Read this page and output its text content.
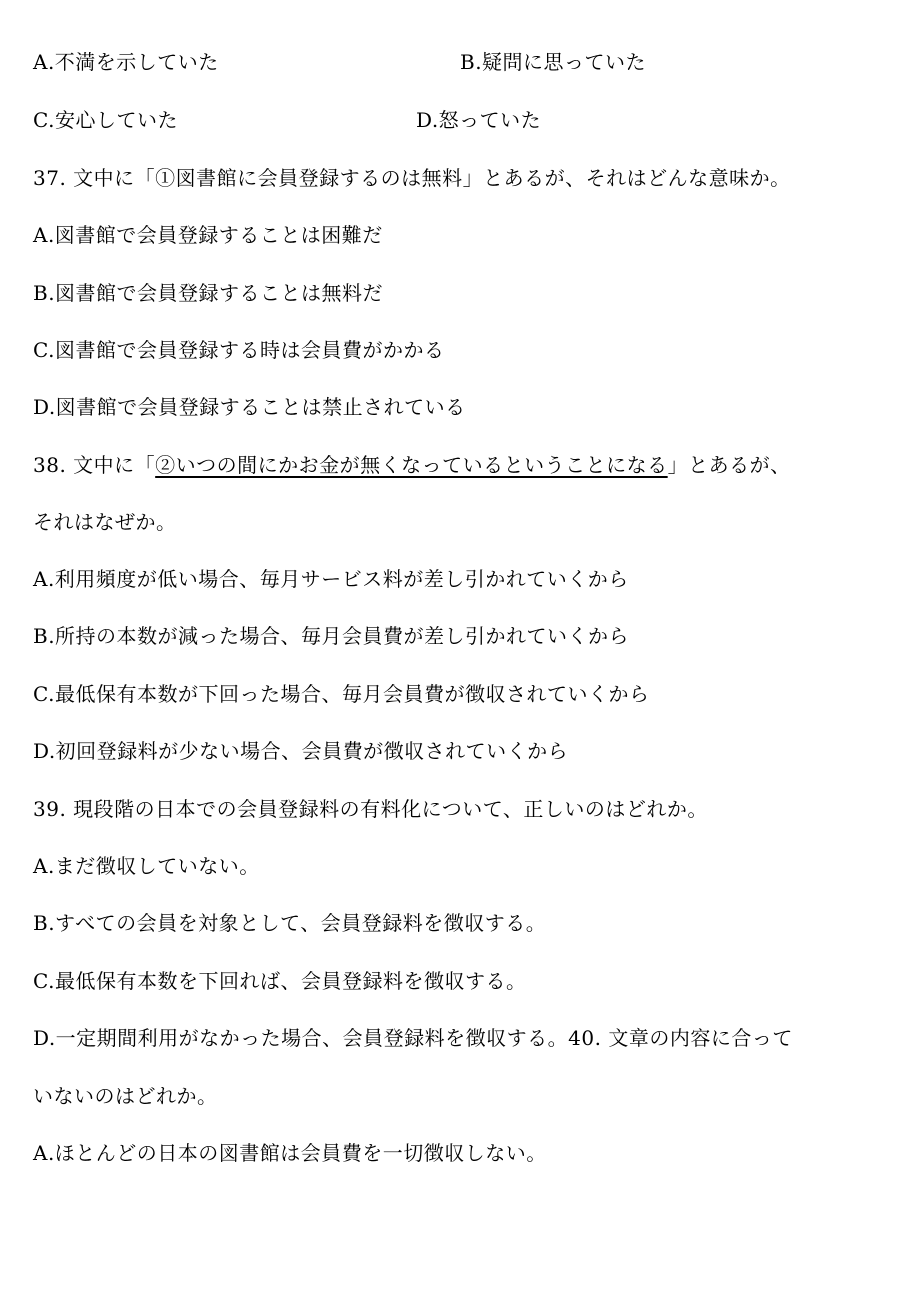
A.不満を示していた	B.疑問に思っていた
C.安心していた	D.怒っていた
37. 文中に「①図書館に会員登録するのは無料」とあるが、それはどんな意味か。
A.図書館で会員登録することは困難だ
B.図書館で会員登録することは無料だ
C.図書館で会員登録する時は会員費がかかる
D.図書館で会員登録することは禁止されている
38. 文中に「②いつの間にかお金が無くなっているということになる」とあるが、
それはなぜか。
A.利用頻度が低い場合、毎月サービス料が差し引かれていくから
B.所持の本数が減った場合、毎月会員費が差し引かれていくから
C.最低保有本数が下回った場合、毎月会員費が徴収されていくから
D.初回登録料が少ない場合、会員費が徴収されていくから
39. 現段階の日本での会員登録料の有料化について、正しいのはどれか。
A.まだ徴収していない。
B.すべての会員を対象として、会員登録料を徴収する。
C.最低保有本数を下回れば、会員登録料を徴収する。
D.一定期間利用がなかった場合、会員登録料を徴収する。40. 文章の内容に合って
いないのはどれか。
A.ほとんどの日本の図書館は会員費を一切徴収しない。
